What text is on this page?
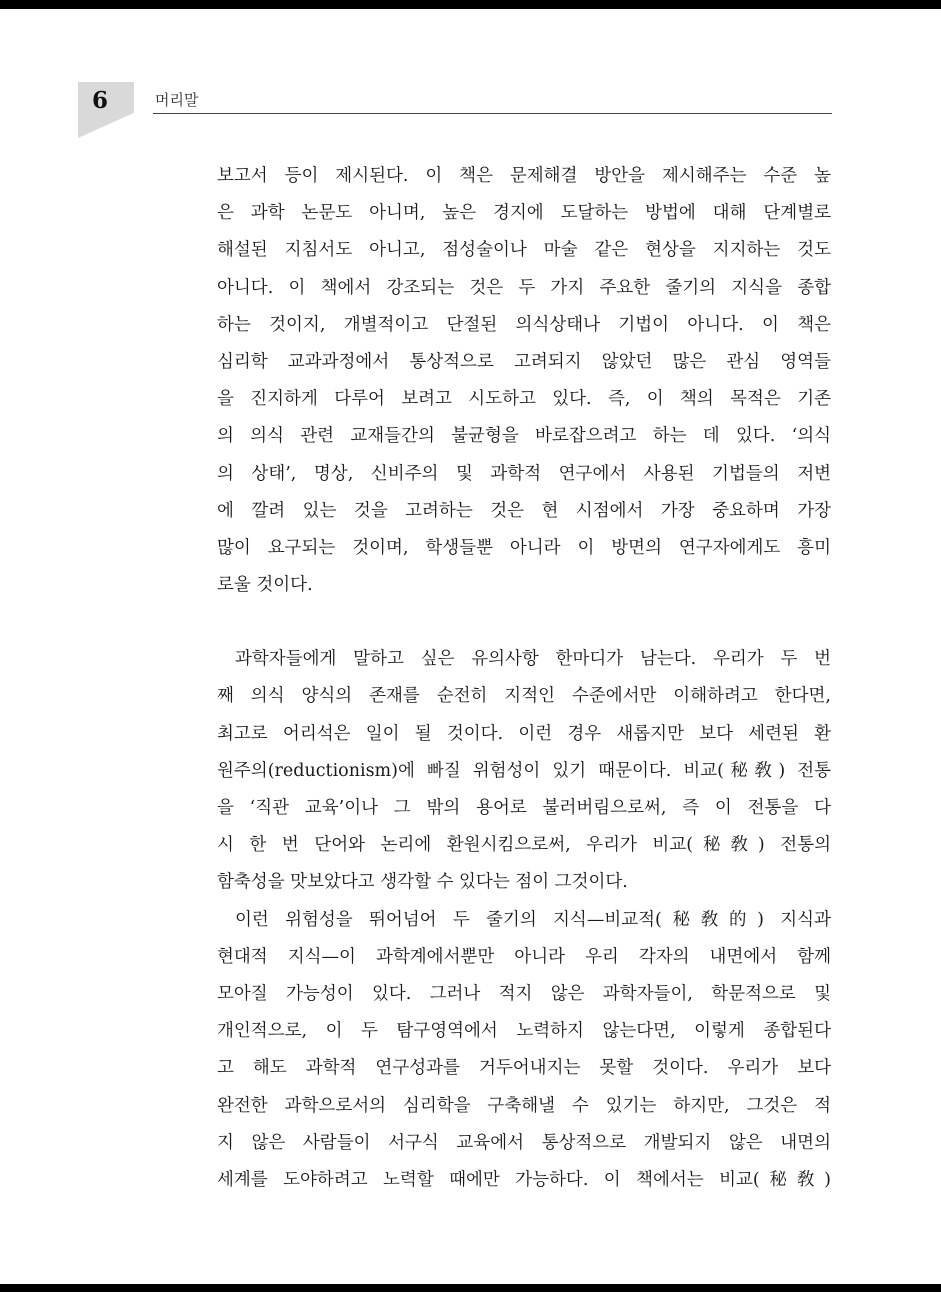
6	머리말
보고서 등이 제시된다. 이 책은 문제해결 방안을 제시해주는 수준 높
은 과학 논문도 아니며, 높은 경지에 도달하는 방법에 대해 단계별로
해설된 지침서도 아니고, 점성술이나 마술 같은 현상을 지지하는 것도
아니다. 이 책에서 강조되는 것은 두 가지 주요한 줄기의 지식을 종합
하는 것이지, 개별적이고 단절된 의식상태나 기법이 아니다. 이 책은
심리학 교과과정에서 통상적으로 고려되지 않았던 많은 관심 영역들
을 진지하게 다루어 보려고 시도하고 있다. 즉, 이 책의 목적은 기존
의 의식 관련 교재들간의 불균형을 바로잡으려고 하는 데 있다. ‘의식
의 상태’, 명상, 신비주의 및 과학적 연구에서 사용된 기법들의 저변
에 깔려 있는 것을 고려하는 것은 현 시점에서 가장 중요하며 가장
많이 요구되는 것이며, 학생들뿐 아니라 이 방면의 연구자에게도 흥미
로울 것이다.
과학자들에게 말하고 싶은 유의사항 한마디가 남는다. 우리가 두 번
째 의식 양식의 존재를 순전히 지적인 수준에서만 이해하려고 한다면,
최고로 어리석은 일이 될 것이다. 이런 경우 새롭지만 보다 세련된 환
원주의(reductionism)에 빠질 위험성이 있기 때문이다. 비교(秘敎) 전통
을 ‘직관 교육’이나 그 밖의 용어로 불러버림으로써, 즉 이 전통을 다
시 한 번 단어와 논리에 환원시킴으로써, 우리가 비교(秘敎) 전통의
함축성을 맛보았다고 생각할 수 있다는 점이 그것이다.
이런 위험성을 뛰어넘어 두 줄기의 지식—비교적(秘敎的) 지식과
현대적 지식—이 과학계에서뿐만 아니라 우리 각자의 내면에서 함께
모아질 가능성이 있다. 그러나 적지 않은 과학자들이, 학문적으로 및
개인적으로, 이 두 탐구영역에서 노력하지 않는다면, 이렇게 종합된다
고 해도 과학적 연구성과를 거두어내지는 못할 것이다. 우리가 보다
완전한 과학으로서의 심리학을 구축해낼 수 있기는 하지만, 그것은 적
지 않은 사람들이 서구식 교육에서 통상적으로 개발되지 않은 내면의
세계를 도야하려고 노력할 때에만 가능하다. 이 책에서는 비교(秘敎)
